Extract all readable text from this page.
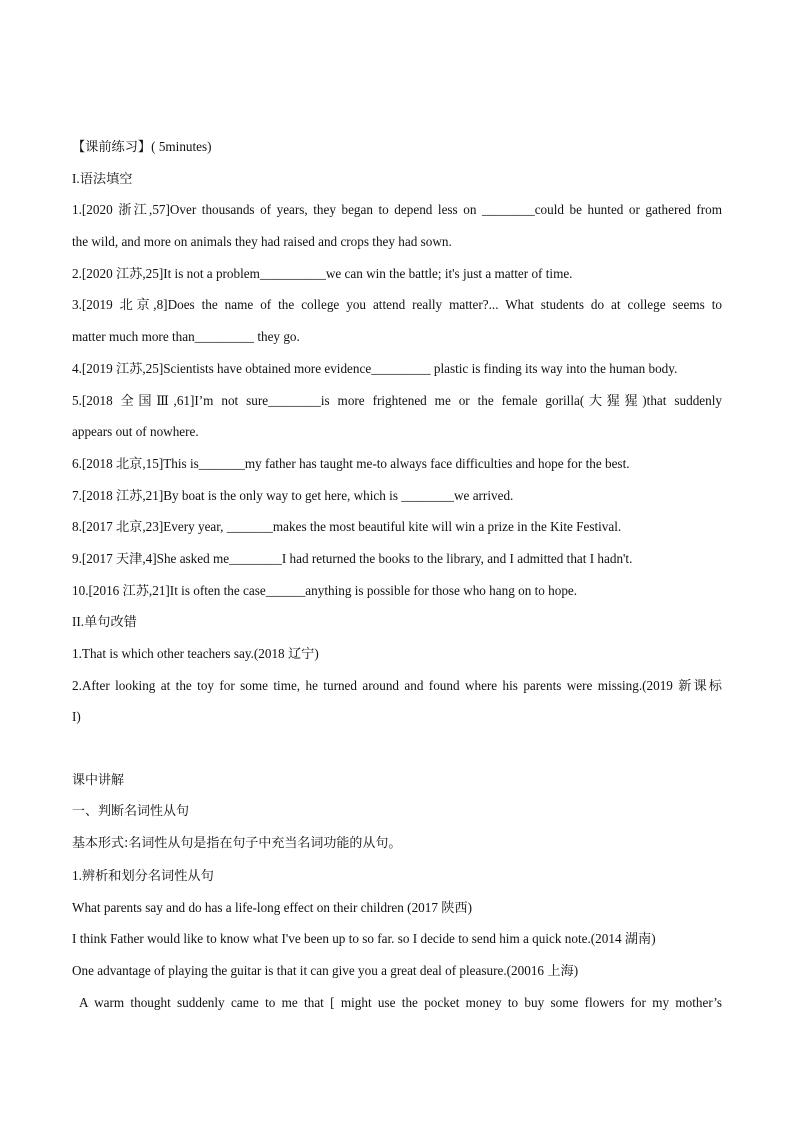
【课前练习】( 5minutes)
I.语法填空
1.[2020 浙江,57]Over thousands of years, they began to depend less on ________could be hunted or gathered from
the wild, and more on animals they had raised and crops they had sown.
2.[2020 江苏,25]It is not a problem__________we can win the battle; it's just a matter of time.
3.[2019 北京,8]Does the name of the college you attend really matter?... What students do at college seems to
matter much more than_________ they go.
4.[2019 江苏,25]Scientists have obtained more evidence_________ plastic is finding its way into the human body.
5.[2018 全国Ⅲ,61]I’m not sure________is more frightened me or the female gorilla(大猩猩)that suddenly
appears out of nowhere.
6.[2018 北京,15]This is_______my father has taught me-to always face difficulties and hope for the best.
7.[2018 江苏,21]By boat is the only way to get here, which is ________we arrived.
8.[2017 北京,23]Every year, _______makes the most beautiful kite will win a prize in the Kite Festival.
9.[2017 天津,4]She asked me________I had returned the books to the library, and I admitted that I hadn't.
10.[2016 江苏,21]It is often the case______anything is possible for those who hang on to hope.
II.单句改错
1.That is which other teachers say.(2018 辽宁)
2.After looking at the toy for some time, he turned around and found where his parents were missing.(2019 新课标
I)
课中讲解
一、判断名词性从句
基本形式:名词性从句是指在句子中充当名词功能的从句。
1.辨析和划分名词性从句
What parents say and do has a life-long effect on their children (2017 陕西)
I think Father would like to know what I've been up to so far. so I decide to send him a quick note.(2014 湖南)
One advantage of playing the guitar is that it can give you a great deal of pleasure.(20016 上海)
A warm thought suddenly came to me that [ might use the pocket money to buy some flowers for my mother’s
